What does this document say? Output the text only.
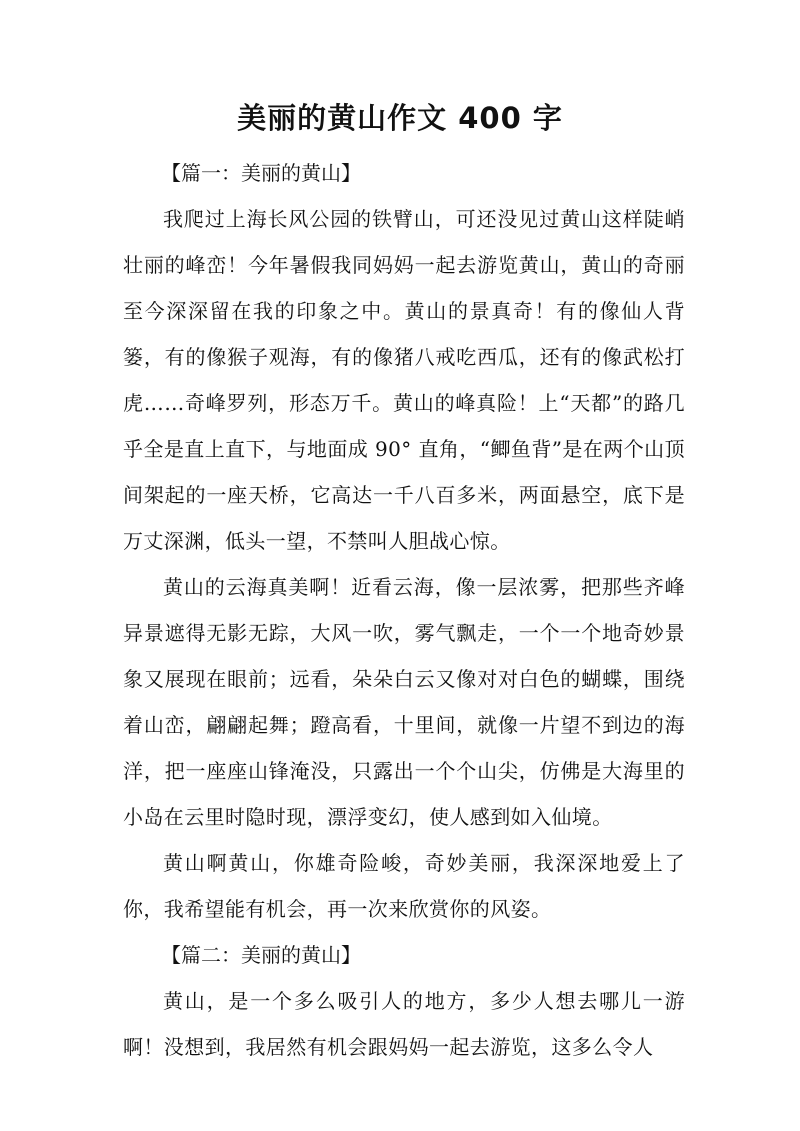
美丽的黄山作文 400 字

【篇一：美丽的黄山】

我爬过上海长风公园的铁臂山，可还没见过黄山这样陡峭壮丽的峰峦！今年暑假我同妈妈一起去游览黄山，黄山的奇丽至今深深留在我的印象之中。黄山的景真奇！有的像仙人背篓，有的像猴子观海，有的像猪八戒吃西瓜，还有的像武松打虎……奇峰罗列，形态万千。黄山的峰真险！上“天都”的路几乎全是直上直下，与地面成 90° 直角，“鲫鱼背”是在两个山顶间架起的一座天桥，它高达一千八百多米，两面悬空，底下是万丈深渊，低头一望，不禁叫人胆战心惊。

黄山的云海真美啊！近看云海，像一层浓雾，把那些齐峰异景遮得无影无踪，大风一吹，雾气飘走，一个一个地奇妙景象又展现在眼前；远看，朵朵白云又像对对白色的蝴蝶，围绕着山峦，翩翩起舞；蹬高看，十里间，就像一片望不到边的海洋，把一座座山锋淹没，只露出一个个山尖，仿佛是大海里的小岛在云里时隐时现，漂浮变幻，使人感到如入仙境。

黄山啊黄山，你雄奇险峻，奇妙美丽，我深深地爱上了你，我希望能有机会，再一次来欣赏你的风姿。

【篇二：美丽的黄山】

黄山，是一个多么吸引人的地方，多少人想去哪儿一游啊！没想到，我居然有机会跟妈妈一起去游览，这多么令人
